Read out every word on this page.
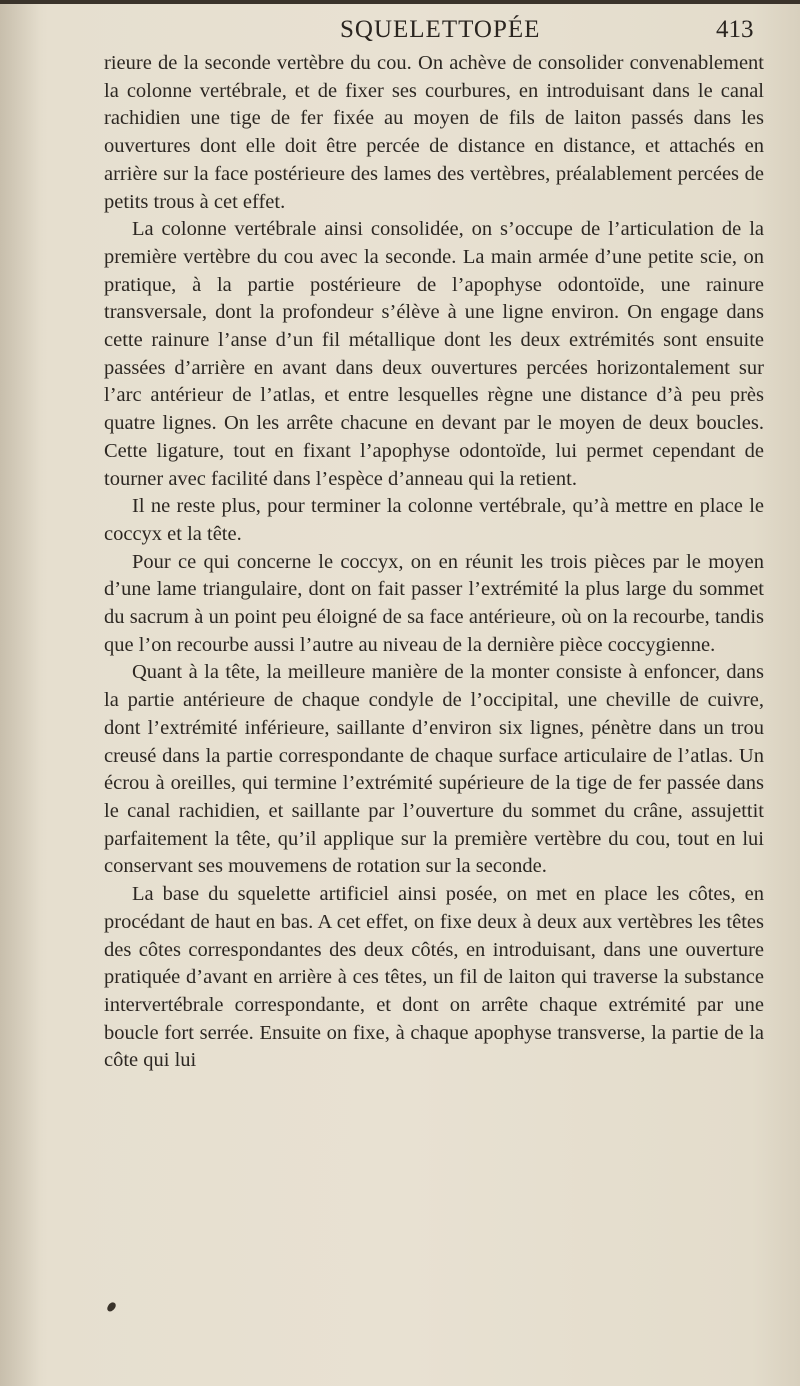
SQUELETTOPÉE	413

rieure de la seconde vertèbre du cou. On achève de consolider convenablement la colonne vertébrale, et de fixer ses courbures, en introduisant dans le canal rachidien une tige de fer fixée au moyen de fils de laiton passés dans les ouvertures dont elle doit être percée de distance en distance, et attachés en arrière sur la face postérieure des lames des vertèbres, préalablement percées de petits trous à cet effet.

La colonne vertébrale ainsi consolidée, on s’occupe de l’articulation de la première vertèbre du cou avec la seconde. La main armée d’une petite scie, on pratique, à la partie postérieure de l’apophyse odontoïde, une rainure transversale, dont la profondeur s’élève à une ligne environ. On engage dans cette rainure l’anse d’un fil métallique dont les deux extrémités sont ensuite passées d’arrière en avant dans deux ouvertures percées horizontalement sur l’arc antérieur de l’atlas, et entre lesquelles règne une distance d’à peu près quatre lignes. On les arrête chacune en devant par le moyen de deux boucles. Cette ligature, tout en fixant l’apophyse odontoïde, lui permet cependant de tourner avec facilité dans l’espèce d’anneau qui la retient.

Il ne reste plus, pour terminer la colonne vertébrale, qu’à mettre en place le coccyx et la tête.

Pour ce qui concerne le coccyx, on en réunit les trois pièces par le moyen d’une lame triangulaire, dont on fait passer l’extrémité la plus large du sommet du sacrum à un point peu éloigné de sa face antérieure, où on la recourbe, tandis que l’on recourbe aussi l’autre au niveau de la dernière pièce coccygienne.

Quant à la tête, la meilleure manière de la monter consiste à enfoncer, dans la partie antérieure de chaque condyle de l’occipital, une cheville de cuivre, dont l’extrémité inférieure, saillante d’environ six lignes, pénètre dans un trou creusé dans la partie correspondante de chaque surface articulaire de l’atlas. Un écrou à oreilles, qui termine l’extrémité supérieure de la tige de fer passée dans le canal rachidien, et saillante par l’ouverture du sommet du crâne, assujettit parfaitement la tête, qu’il applique sur la première vertèbre du cou, tout en lui conservant ses mouvemens de rotation sur la seconde.

La base du squelette artificiel ainsi posée, on met en place les côtes, en procédant de haut en bas. A cet effet, on fixe deux à deux aux vertèbres les têtes des côtes correspondantes des deux côtés, en introduisant, dans une ouverture pratiquée d’avant en arrière à ces têtes, un fil de laiton qui traverse la substance intervertébrale correspondante, et dont on arrête chaque extrémité par une boucle fort serrée. Ensuite on fixe, à chaque apophyse transverse, la partie de la côte qui lui
